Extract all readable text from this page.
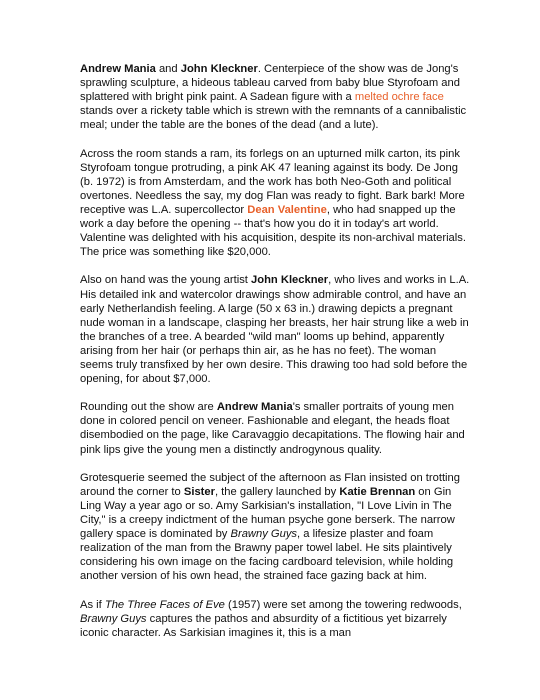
Andrew Mania and John Kleckner. Centerpiece of the show was de Jong's sprawling sculpture, a hideous tableau carved from baby blue Styrofoam and splattered with bright pink paint. A Sadean figure with a melted ochre face stands over a rickety table which is strewn with the remnants of a cannibalistic meal; under the table are the bones of the dead (and a lute).

Across the room stands a ram, its forlegs on an upturned milk carton, its pink Styrofoam tongue protruding, a pink AK 47 leaning against its body. De Jong (b. 1972) is from Amsterdam, and the work has both Neo-Goth and political overtones. Needless the say, my dog Flan was ready to fight. Bark bark! More receptive was L.A. supercollector Dean Valentine, who had snapped up the work a day before the opening -- that's how you do it in today's art world. Valentine was delighted with his acquisition, despite its non-archival materials. The price was something like $20,000.

Also on hand was the young artist John Kleckner, who lives and works in L.A. His detailed ink and watercolor drawings show admirable control, and have an early Netherlandish feeling. A large (50 x 63 in.) drawing depicts a pregnant nude woman in a landscape, clasping her breasts, her hair strung like a web in the branches of a tree. A bearded "wild man" looms up behind, apparently arising from her hair (or perhaps thin air, as he has no feet). The woman seems truly transfixed by her own desire. This drawing too had sold before the opening, for about $7,000.

Rounding out the show are Andrew Mania's smaller portraits of young men done in colored pencil on veneer. Fashionable and elegant, the heads float disembodied on the page, like Caravaggio decapitations. The flowing hair and pink lips give the young men a distinctly androgynous quality.

Grotesquerie seemed the subject of the afternoon as Flan insisted on trotting around the corner to Sister, the gallery launched by Katie Brennan on Gin Ling Way a year ago or so. Amy Sarkisian's installation, "I Love Livin in The City," is a creepy indictment of the human psyche gone berserk. The narrow gallery space is dominated by Brawny Guys, a lifesize plaster and foam realization of the man from the Brawny paper towel label. He sits plaintively considering his own image on the facing cardboard television, while holding another version of his own head, the strained face gazing back at him.

As if The Three Faces of Eve (1957) were set among the towering redwoods, Brawny Guys captures the pathos and absurdity of a fictitious yet bizarrely iconic character. As Sarkisian imagines it, this is a man
